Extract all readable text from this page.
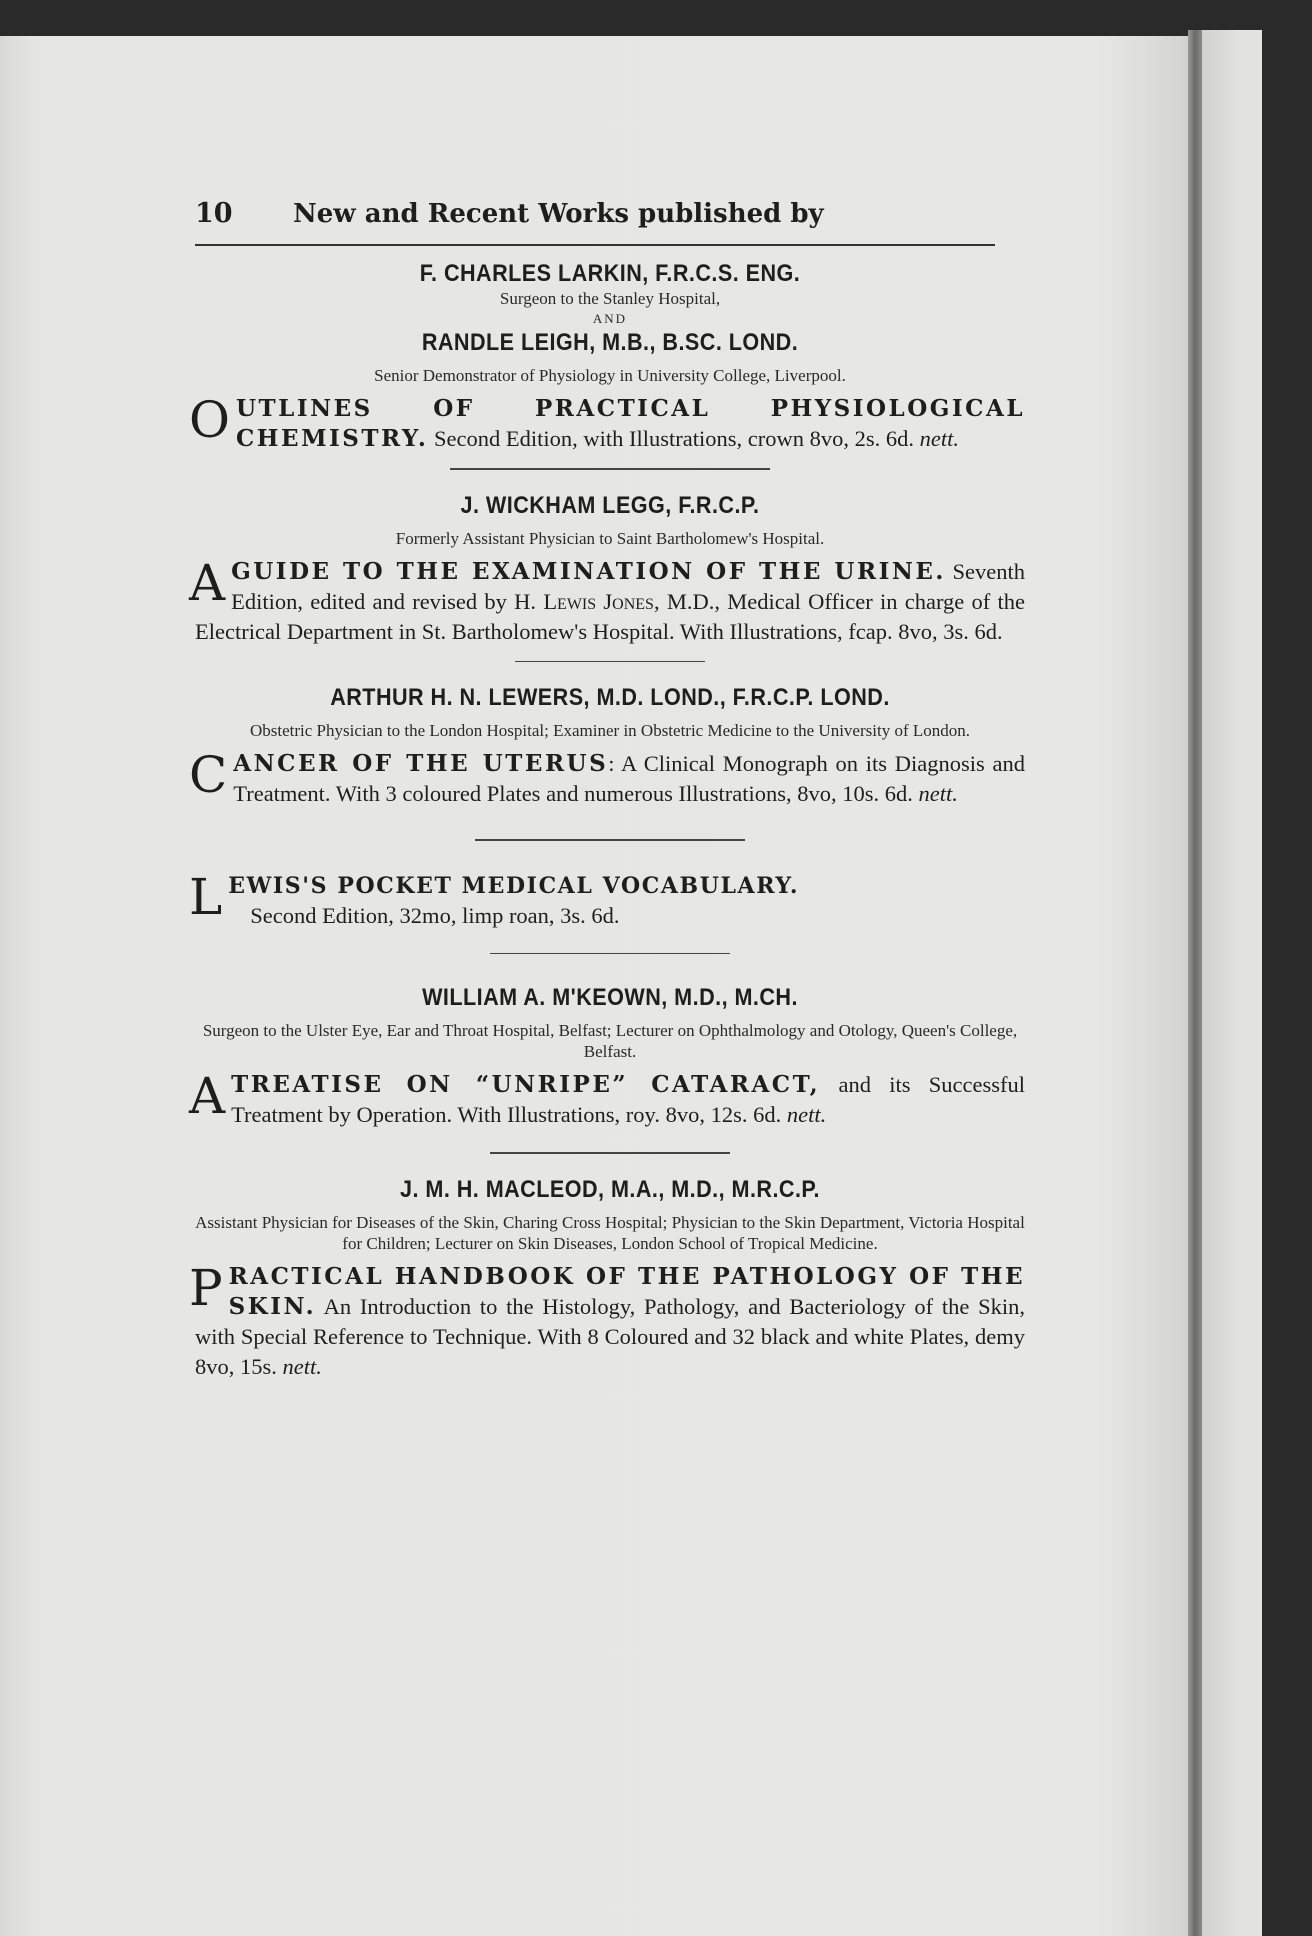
10	New and Recent Works published by
F. CHARLES LARKIN, F.R.C.S. ENG.
Surgeon to the Stanley Hospital,
AND
RANDLE LEIGH, M.B., B.SC. LOND.
Senior Demonstrator of Physiology in University College, Liverpool.
OUTLINES OF PRACTICAL PHYSIOLOGICAL CHEMISTRY. Second Edition, with Illustrations, crown 8vo, 2s. 6d. nett.
J. WICKHAM LEGG, F.R.C.P.
Formerly Assistant Physician to Saint Bartholomew's Hospital.
AGUIDE TO THE EXAMINATION OF THE URINE. Seventh Edition, edited and revised by H. Lewis Jones, M.D., Medical Officer in charge of the Electrical Department in St. Bartholomew's Hospital. With Illustrations, fcap. 8vo, 3s. 6d.
ARTHUR H. N. LEWERS, M.D. LOND., F.R.C.P. LOND.
Obstetric Physician to the London Hospital; Examiner in Obstetric Medicine to the University of London.
CANCER OF THE UTERUS: A Clinical Monograph on its Diagnosis and Treatment. With 3 coloured Plates and numerous Illustrations, 8vo, 10s. 6d. nett.
LEWIS'S POCKET MEDICAL VOCABULARY.
Second Edition, 32mo, limp roan, 3s. 6d.
WILLIAM A. M'KEOWN, M.D., M.CH.
Surgeon to the Ulster Eye, Ear and Throat Hospital, Belfast; Lecturer on Ophthalmology and Otology, Queen's College, Belfast.
ATREATISE ON “UNRIPE” CATARACT, and its Successful Treatment by Operation. With Illustrations, roy. 8vo, 12s. 6d. nett.
J. M. H. MACLEOD, M.A., M.D., M.R.C.P.
Assistant Physician for Diseases of the Skin, Charing Cross Hospital; Physician to the Skin Department, Victoria Hospital for Children; Lecturer on Skin Diseases, London School of Tropical Medicine.
PRACTICAL HANDBOOK OF THE PATHOLOGY OF THE SKIN. An Introduction to the Histology, Pathology, and Bacteriology of the Skin, with Special Reference to Technique. With 8 Coloured and 32 black and white Plates, demy 8vo, 15s. nett.
